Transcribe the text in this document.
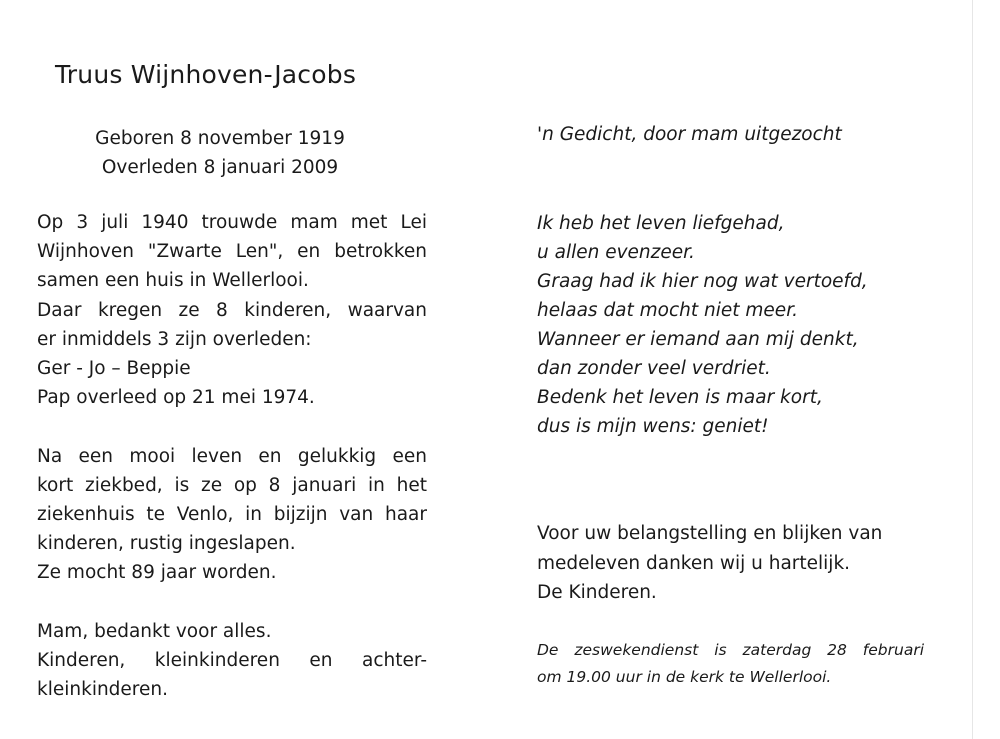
Truus Wijnhoven-Jacobs
Geboren 8 november 1919
Overleden 8 januari 2009
Op 3 juli 1940 trouwde mam met Lei
Wijnhoven "Zwarte Len", en betrokken
samen een huis in Wellerlooi.
Daar kregen ze 8 kinderen, waarvan
er inmiddels 3 zijn overleden:
Ger - Jo – Beppie
Pap overleed op 21 mei 1974.
Na een mooi leven en gelukkig een
kort ziekbed, is ze op 8 januari in het
ziekenhuis te Venlo, in bijzijn van haar
kinderen, rustig ingeslapen.
Ze mocht 89 jaar worden.
Mam, bedankt voor alles.
Kinderen, kleinkinderen en achter-
kleinkinderen.
'n Gedicht, door mam uitgezocht
Ik heb het leven liefgehad,
u allen evenzeer.
Graag had ik hier nog wat vertoefd,
helaas dat mocht niet meer.
Wanneer er iemand aan mij denkt,
dan zonder veel verdriet.
Bedenk het leven is maar kort,
dus is mijn wens: geniet!
Voor uw belangstelling en blijken van
medeleven danken wij u hartelijk.
De Kinderen.
De zeswekendienst is zaterdag 28 februari
om 19.00 uur in de kerk te Wellerlooi.
